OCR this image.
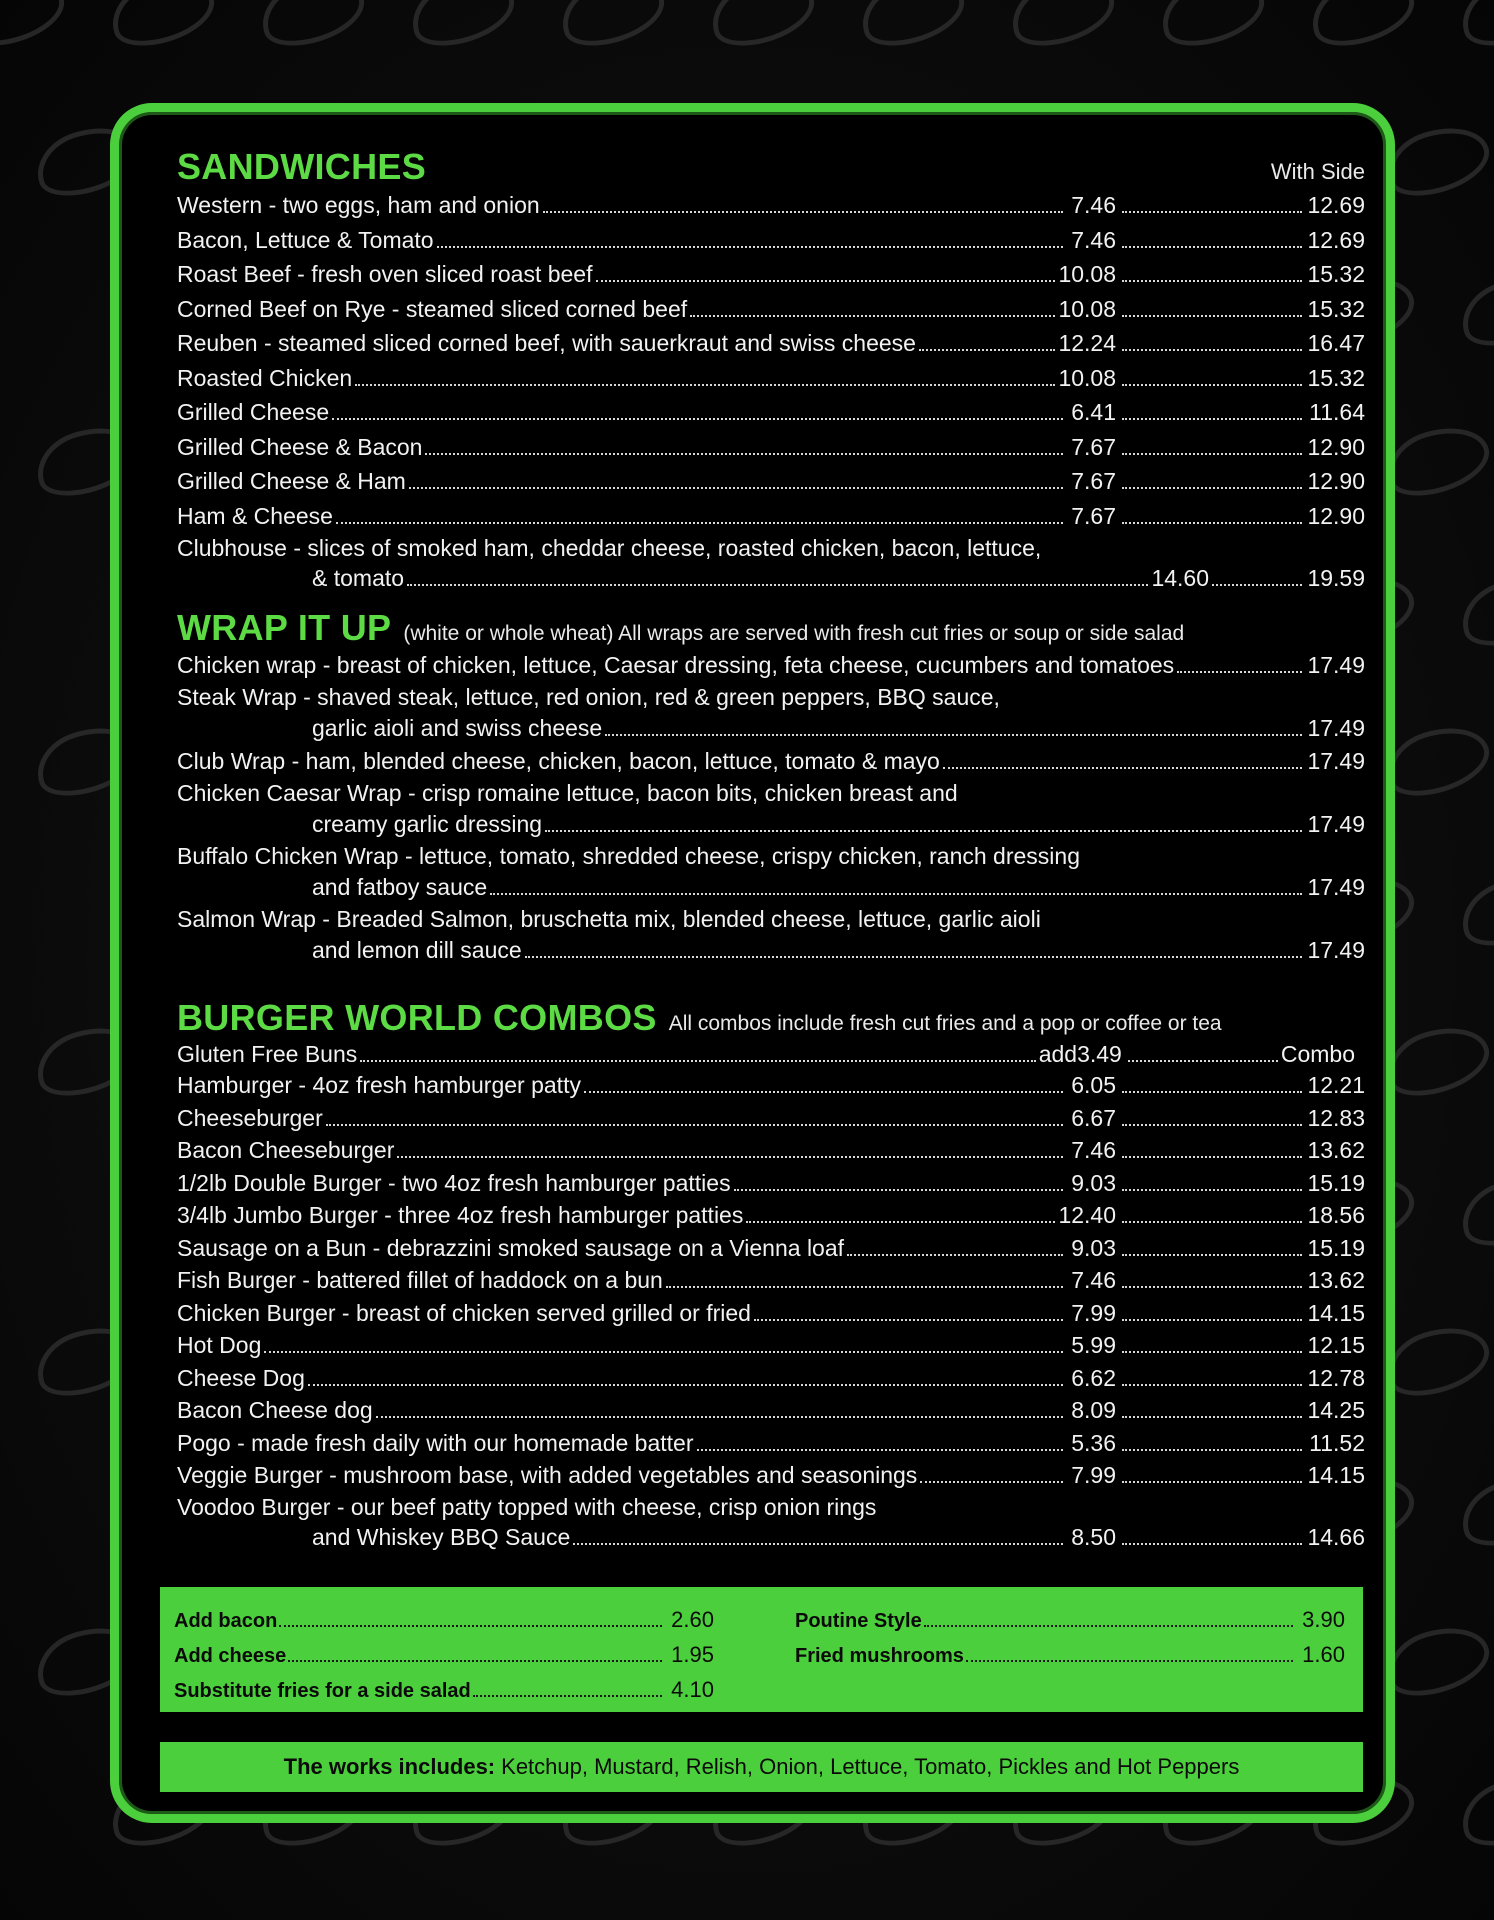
SANDWICHES	With Side
Western - two eggs, ham and onion	7.46	12.69
Bacon, Lettuce & Tomato	7.46	12.69
Roast Beef - fresh oven sliced roast beef	10.08	15.32
Corned Beef on Rye - steamed sliced corned beef	10.08	15.32
Reuben - steamed sliced corned beef, with sauerkraut and swiss cheese	12.24	16.47
Roasted Chicken	10.08	15.32
Grilled Cheese	6.41	11.64
Grilled Cheese & Bacon	7.67	12.90
Grilled Cheese & Ham	7.67	12.90
Ham & Cheese	7.67	12.90
Clubhouse - slices of smoked ham, cheddar cheese, roasted chicken, bacon, lettuce,
& tomato	14.60	19.59
WRAP IT UP (white or whole wheat) All wraps are served with fresh cut fries or soup or side salad
Chicken wrap - breast of chicken, lettuce, Caesar dressing, feta cheese, cucumbers and tomatoes	17.49
Steak Wrap - shaved steak, lettuce, red onion, red & green peppers, BBQ sauce,
garlic aioli and swiss cheese	17.49
Club Wrap - ham, blended cheese, chicken, bacon, lettuce, tomato & mayo	17.49
Chicken Caesar Wrap - crisp romaine lettuce, bacon bits, chicken breast and
creamy garlic dressing	17.49
Buffalo Chicken Wrap - lettuce, tomato, shredded cheese, crispy chicken, ranch dressing
and fatboy sauce	17.49
Salmon Wrap - Breaded Salmon, bruschetta mix, blended cheese, lettuce, garlic aioli
and lemon dill sauce	17.49
BURGER WORLD COMBOS All combos include fresh cut fries and a pop or coffee or tea
Gluten Free Buns	add 3.49	Combo
Hamburger - 4oz fresh hamburger patty	6.05	12.21
Cheeseburger	6.67	12.83
Bacon Cheeseburger	7.46	13.62
1/2lb Double Burger - two 4oz fresh hamburger patties	9.03	15.19
3/4lb Jumbo Burger - three 4oz fresh hamburger patties	12.40	18.56
Sausage on a Bun - debrazzini smoked sausage on a Vienna loaf	9.03	15.19
Fish Burger - battered fillet of haddock on a bun	7.46	13.62
Chicken Burger - breast of chicken served grilled or fried	7.99	14.15
Hot Dog	5.99	12.15
Cheese Dog	6.62	12.78
Bacon Cheese dog	8.09	14.25
Pogo - made fresh daily with our homemade batter	5.36	11.52
Veggie Burger - mushroom base, with added vegetables and seasonings	7.99	14.15
Voodoo Burger - our beef patty topped with cheese, crisp onion rings
and Whiskey BBQ Sauce	8.50	14.66
Add bacon	2.60
Add cheese	1.95
Substitute fries for a side salad	4.10
Poutine Style	3.90
Fried mushrooms	1.60
The works includes: Ketchup, Mustard, Relish, Onion, Lettuce, Tomato, Pickles and Hot Peppers
